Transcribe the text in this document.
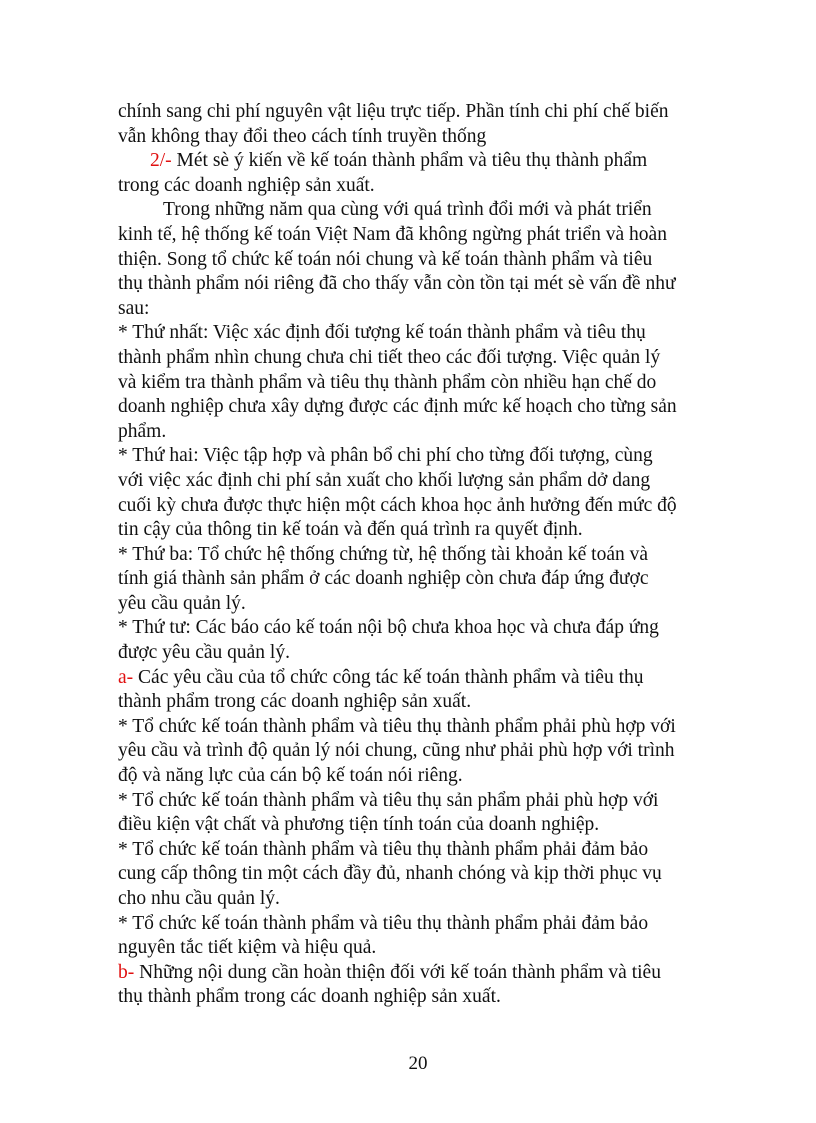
chính sang chi phí nguyên vật liệu trực tiếp. Phần tính chi phí chế biến
vẫn không thay đổi theo cách tính truyền thống
2/- Mét sè ý kiến về kế toán thành phẩm và tiêu thụ thành phẩm
trong các doanh nghiệp sản xuất.
Trong những năm qua cùng với quá trình đổi mới và phát triển
kinh tế, hệ thống kế toán Việt Nam đã không ngừng phát triển và hoàn
thiện. Song tổ chức kế toán nói chung và kế toán thành phẩm và tiêu
thụ thành phẩm nói riêng đã cho thấy vẫn còn tồn tại mét sè vấn đề như
sau:
* Thứ nhất: Việc xác định đối tượng kế toán thành phẩm và tiêu thụ
thành phẩm nhìn chung chưa chi tiết theo các đối tượng. Việc quản lý
và kiểm tra thành phẩm và tiêu thụ thành phẩm còn nhiều hạn chế do
doanh nghiệp chưa xây dựng được các định mức kế hoạch cho từng sản
phẩm.
* Thứ hai: Việc tập hợp và phân bổ chi phí cho từng đối tượng, cùng
với việc xác định chi phí sản xuất cho khối lượng sản phẩm dở dang
cuối kỳ chưa được thực hiện một cách khoa học ảnh hưởng đến mức độ
tin cậy của thông tin kế toán và đến quá trình ra quyết định.
* Thứ ba: Tổ chức hệ thống chứng từ, hệ thống tài khoản kế toán và
tính giá thành sản phẩm ở các doanh nghiệp còn chưa đáp ứng được
yêu cầu quản lý.
* Thứ tư: Các báo cáo kế toán nội bộ chưa khoa học và chưa đáp ứng
được yêu cầu quản lý.
a- Các yêu cầu của tổ chức công tác kế toán thành phẩm và tiêu thụ
thành phẩm trong các doanh nghiệp sản xuất.
* Tổ chức kế toán thành phẩm và tiêu thụ thành phẩm phải phù hợp với
yêu cầu và trình độ quản lý nói chung, cũng như phải phù hợp với trình
độ và năng lực của cán bộ kế toán nói riêng.
* Tổ chức kế toán thành phẩm và tiêu thụ sản phẩm phải phù hợp với
điều kiện vật chất và phương tiện tính toán của doanh nghiệp.
* Tổ chức kế toán thành phẩm và tiêu thụ thành phẩm phải đảm bảo
cung cấp thông tin một cách đầy đủ, nhanh chóng và kịp thời phục vụ
cho nhu cầu quản lý.
* Tổ chức kế toán thành phẩm và tiêu thụ thành phẩm phải đảm bảo
nguyên tắc tiết kiệm và hiệu quả.
b- Những nội dung cần hoàn thiện đối với kế toán thành phẩm và tiêu
thụ thành phẩm trong các doanh nghiệp sản xuất.
20
